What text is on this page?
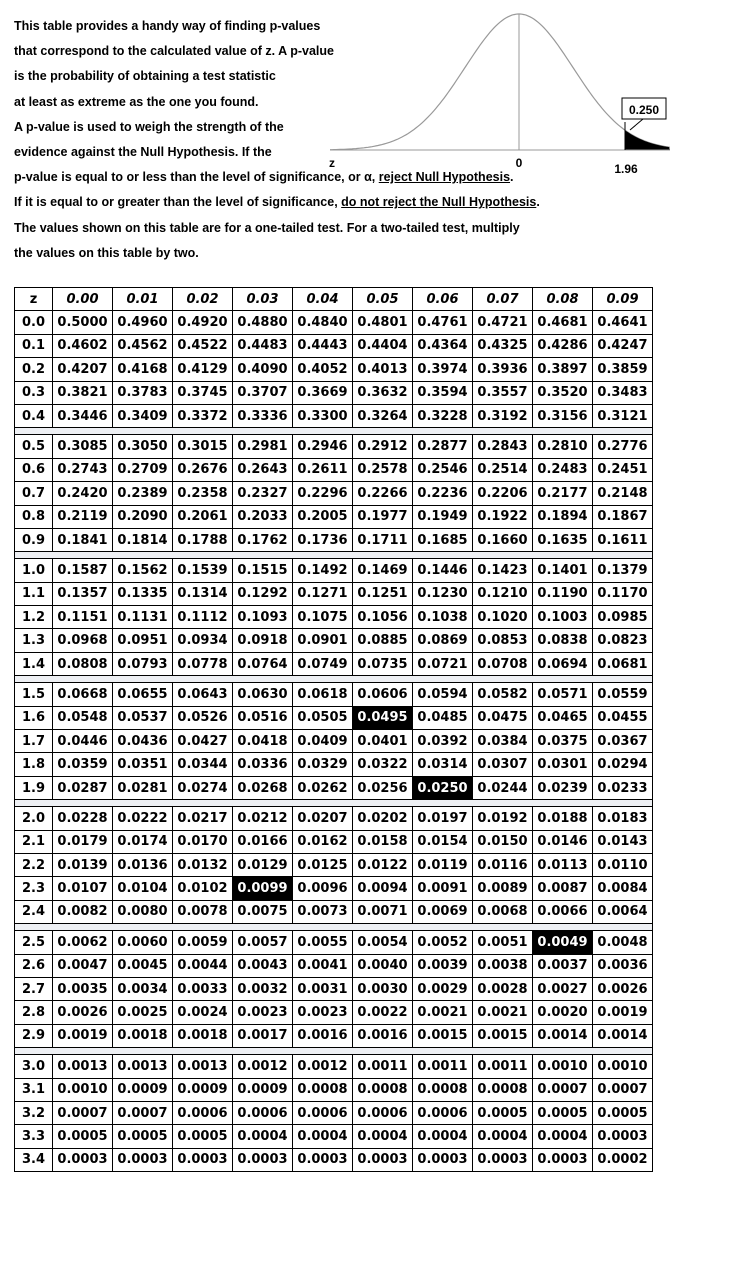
This table provides a handy way of finding p-values
that correspond to the calculated value of z. A p-value
is the probability of obtaining a test statistic
at least as extreme as the one you found.
A p-value is used to weigh the strength of the
evidence against the Null Hypothesis. If the
p-value is equal to or less than the level of significance, or α, reject Null Hypothesis.
If it is equal to or greater than the level of significance, do not reject the Null Hypothesis.
The values shown on this table are for a one-tailed test. For a two-tailed test, multiply
the values on this table by two.
0.250
z	0	1.96
z	0.00	0.01	0.02	0.03	0.04	0.05	0.06	0.07	0.08	0.09
0.0	0.5000	0.4960	0.4920	0.4880	0.4840	0.4801	0.4761	0.4721	0.4681	0.4641
0.1	0.4602	0.4562	0.4522	0.4483	0.4443	0.4404	0.4364	0.4325	0.4286	0.4247
0.2	0.4207	0.4168	0.4129	0.4090	0.4052	0.4013	0.3974	0.3936	0.3897	0.3859
0.3	0.3821	0.3783	0.3745	0.3707	0.3669	0.3632	0.3594	0.3557	0.3520	0.3483
0.4	0.3446	0.3409	0.3372	0.3336	0.3300	0.3264	0.3228	0.3192	0.3156	0.3121

0.5	0.3085	0.3050	0.3015	0.2981	0.2946	0.2912	0.2877	0.2843	0.2810	0.2776
0.6	0.2743	0.2709	0.2676	0.2643	0.2611	0.2578	0.2546	0.2514	0.2483	0.2451
0.7	0.2420	0.2389	0.2358	0.2327	0.2296	0.2266	0.2236	0.2206	0.2177	0.2148
0.8	0.2119	0.2090	0.2061	0.2033	0.2005	0.1977	0.1949	0.1922	0.1894	0.1867
0.9	0.1841	0.1814	0.1788	0.1762	0.1736	0.1711	0.1685	0.1660	0.1635	0.1611

1.0	0.1587	0.1562	0.1539	0.1515	0.1492	0.1469	0.1446	0.1423	0.1401	0.1379
1.1	0.1357	0.1335	0.1314	0.1292	0.1271	0.1251	0.1230	0.1210	0.1190	0.1170
1.2	0.1151	0.1131	0.1112	0.1093	0.1075	0.1056	0.1038	0.1020	0.1003	0.0985
1.3	0.0968	0.0951	0.0934	0.0918	0.0901	0.0885	0.0869	0.0853	0.0838	0.0823
1.4	0.0808	0.0793	0.0778	0.0764	0.0749	0.0735	0.0721	0.0708	0.0694	0.0681

1.5	0.0668	0.0655	0.0643	0.0630	0.0618	0.0606	0.0594	0.0582	0.0571	0.0559
1.6	0.0548	0.0537	0.0526	0.0516	0.0505	0.0495	0.0485	0.0475	0.0465	0.0455
1.7	0.0446	0.0436	0.0427	0.0418	0.0409	0.0401	0.0392	0.0384	0.0375	0.0367
1.8	0.0359	0.0351	0.0344	0.0336	0.0329	0.0322	0.0314	0.0307	0.0301	0.0294
1.9	0.0287	0.0281	0.0274	0.0268	0.0262	0.0256	0.0250	0.0244	0.0239	0.0233

2.0	0.0228	0.0222	0.0217	0.0212	0.0207	0.0202	0.0197	0.0192	0.0188	0.0183
2.1	0.0179	0.0174	0.0170	0.0166	0.0162	0.0158	0.0154	0.0150	0.0146	0.0143
2.2	0.0139	0.0136	0.0132	0.0129	0.0125	0.0122	0.0119	0.0116	0.0113	0.0110
2.3	0.0107	0.0104	0.0102	0.0099	0.0096	0.0094	0.0091	0.0089	0.0087	0.0084
2.4	0.0082	0.0080	0.0078	0.0075	0.0073	0.0071	0.0069	0.0068	0.0066	0.0064

2.5	0.0062	0.0060	0.0059	0.0057	0.0055	0.0054	0.0052	0.0051	0.0049	0.0048
2.6	0.0047	0.0045	0.0044	0.0043	0.0041	0.0040	0.0039	0.0038	0.0037	0.0036
2.7	0.0035	0.0034	0.0033	0.0032	0.0031	0.0030	0.0029	0.0028	0.0027	0.0026
2.8	0.0026	0.0025	0.0024	0.0023	0.0023	0.0022	0.0021	0.0021	0.0020	0.0019
2.9	0.0019	0.0018	0.0018	0.0017	0.0016	0.0016	0.0015	0.0015	0.0014	0.0014

3.0	0.0013	0.0013	0.0013	0.0012	0.0012	0.0011	0.0011	0.0011	0.0010	0.0010
3.1	0.0010	0.0009	0.0009	0.0009	0.0008	0.0008	0.0008	0.0008	0.0007	0.0007
3.2	0.0007	0.0007	0.0006	0.0006	0.0006	0.0006	0.0006	0.0005	0.0005	0.0005
3.3	0.0005	0.0005	0.0005	0.0004	0.0004	0.0004	0.0004	0.0004	0.0004	0.0003
3.4	0.0003	0.0003	0.0003	0.0003	0.0003	0.0003	0.0003	0.0003	0.0003	0.0002
